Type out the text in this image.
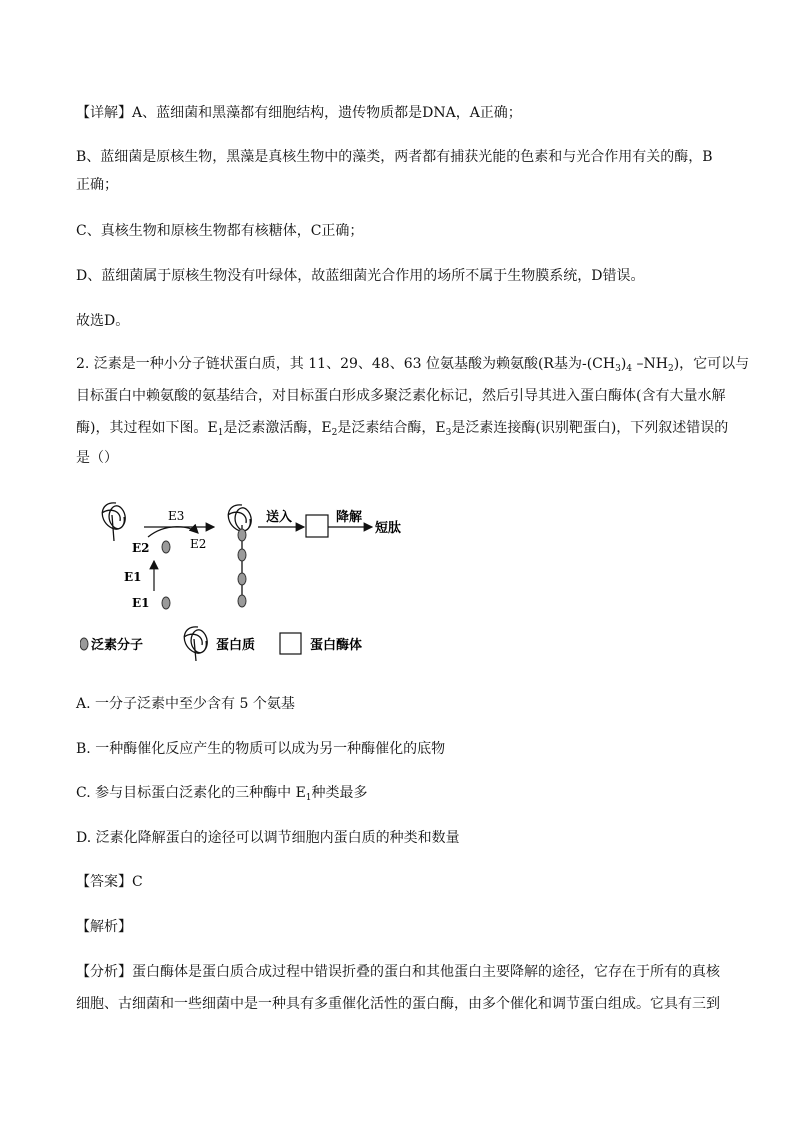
【详解】A、蓝细菌和黑藻都有细胞结构，遗传物质都是DNA，A正确；
B、蓝细菌是原核生物，黑藻是真核生物中的藻类，两者都有捕获光能的色素和与光合作用有关的酶，B
正确；
C、真核生物和原核生物都有核糖体，C正确；
D、蓝细菌属于原核生物没有叶绿体，故蓝细菌光合作用的场所不属于生物膜系统，D错误。
故选D。
2. 泛素是一种小分子链状蛋白质，其 11、29、48、63 位氨基酸为赖氨酸(R基为$-(CH_3)_4$ $-NH_2$)，它可以与
目标蛋白中赖氨酸的氨基结合，对目标蛋白形成多聚泛素化标记，然后引导其进入蛋白酶体(含有大量水解
酶)，其过程如下图。$E_1$是泛素激活酶，$E_2$是泛素结合酶，$E_3$是泛素连接酶(识别靶蛋白)，下列叙述错误的
是（）
E3
E2
E2
E1
E1
送入	降解
短肽
泛素分子	蛋白质	蛋白酶体
A. 一分子泛素中至少含有 5 个氨基
B. 一种酶催化反应产生的物质可以成为另一种酶催化的底物
C. 参与目标蛋白泛素化的三种酶中 $E_1$种类最多
D. 泛素化降解蛋白的途径可以调节细胞内蛋白质的种类和数量
【答案】C
【解析】
【分析】蛋白酶体是蛋白质合成过程中错误折叠的蛋白和其他蛋白主要降解的途径，它存在于所有的真核
细胞、古细菌和一些细菌中是一种具有多重催化活性的蛋白酶，由多个催化和调节蛋白组成。它具有三到
